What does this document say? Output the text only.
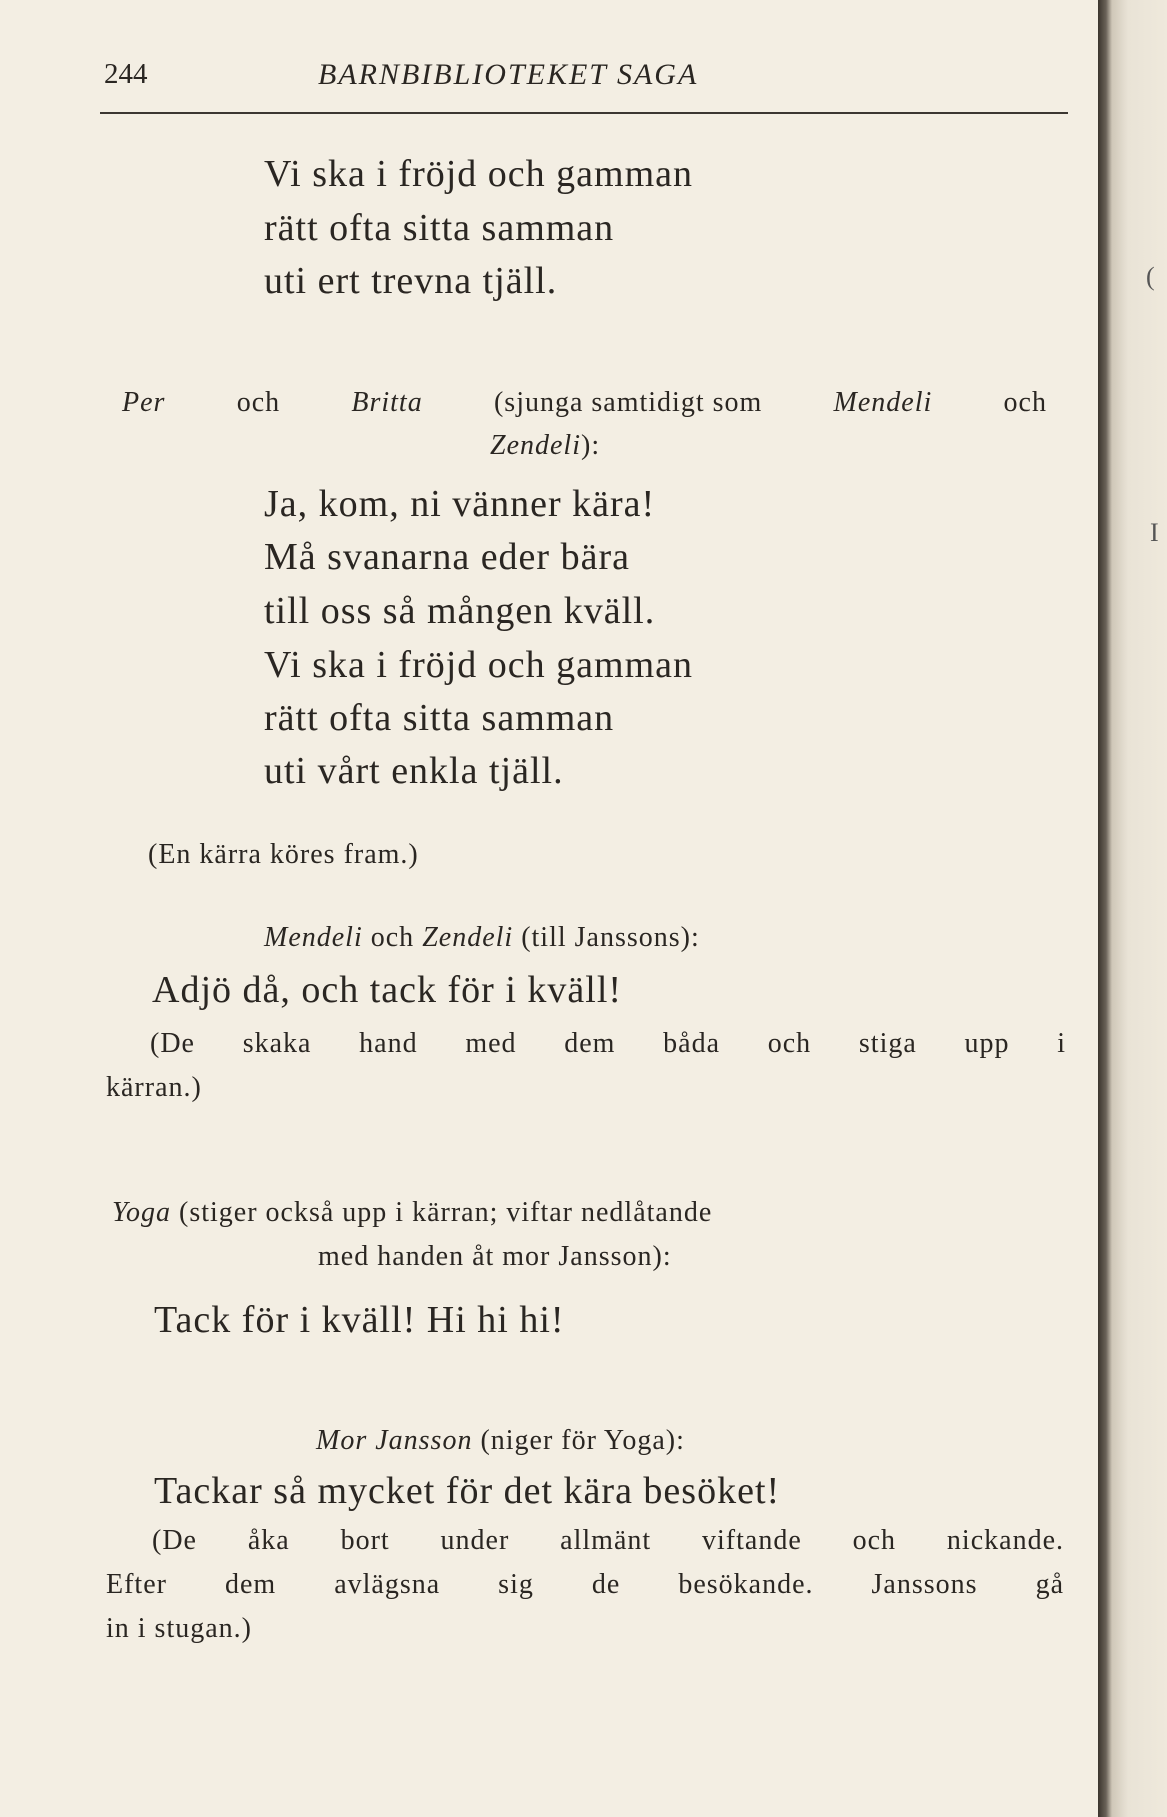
244	BARNBIBLIOTEKET SAGA
Vi ska i fröjd och gamman
rätt ofta sitta samman
uti ert trevna tjäll.
Per	och	Britta	(sjunga samtidigt som	Mendeli	och
Zendeli):
Ja, kom, ni vänner kära!
Må svanarna eder bära
till oss så mången kväll.
Vi ska i fröjd och gamman
rätt ofta sitta samman
uti vårt enkla tjäll.
(En kärra köres fram.)
Mendeli och Zendeli (till Janssons):
Adjö då, och tack för i kväll!
(De skaka hand med dem båda och stiga upp i
kärran.)
Yoga (stiger också upp i kärran; viftar nedlåtande
med handen åt mor Jansson):
Tack för i kväll! Hi hi hi!
Mor Jansson (niger för Yoga):
Tackar så mycket för det kära besöket!
(De åka bort under allmänt viftande och nickande.
Efter dem avlägsna sig de besökande. Janssons gå
in i stugan.)
(
I
